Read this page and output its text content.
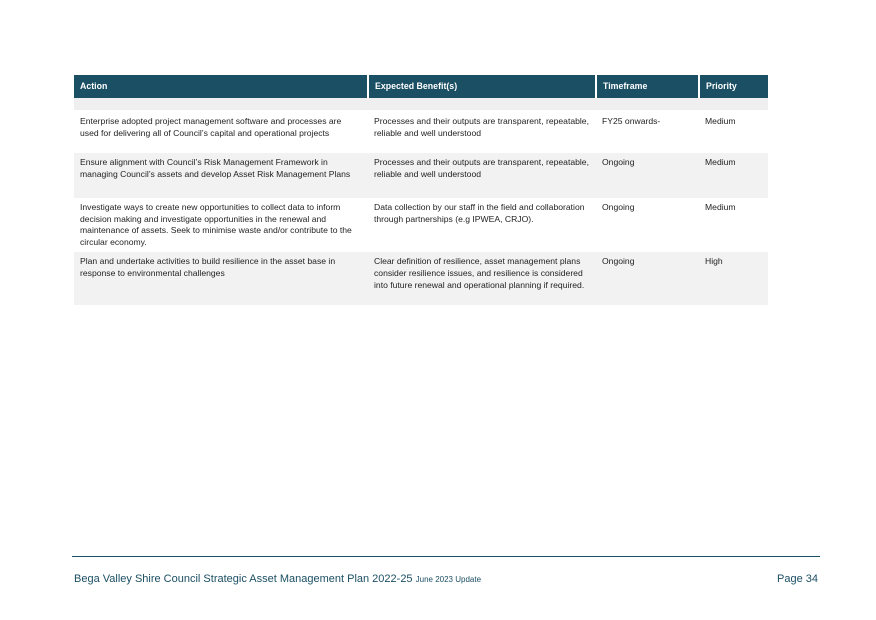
Action	Expected Benefit(s)	Timeframe	Priority

Enterprise adopted project management software and processes are used for delivering all of Council’s capital and operational projects	Processes and their outputs are transparent, repeatable, reliable and well understood	FY25 onwards-	Medium
Ensure alignment with Council’s Risk Management Framework in managing Council’s assets and develop Asset Risk Management Plans	Processes and their outputs are transparent, repeatable, reliable and well understood	Ongoing	Medium
Investigate ways to create new opportunities to collect data to inform decision making and investigate opportunities in the renewal and maintenance of assets. Seek to minimise waste and/or contribute to the circular economy.	Data collection by our staff in the field and collaboration through partnerships (e.g IPWEA, CRJO).	Ongoing	Medium
Plan and undertake activities to build resilience in the asset base in response to environmental challenges	Clear definition of resilience, asset management plans consider resilience issues, and resilience is considered into future renewal and operational planning if required.	Ongoing	High
Bega Valley Shire Council Strategic Asset Management Plan 2022-25 June 2023 Update	Page 34
